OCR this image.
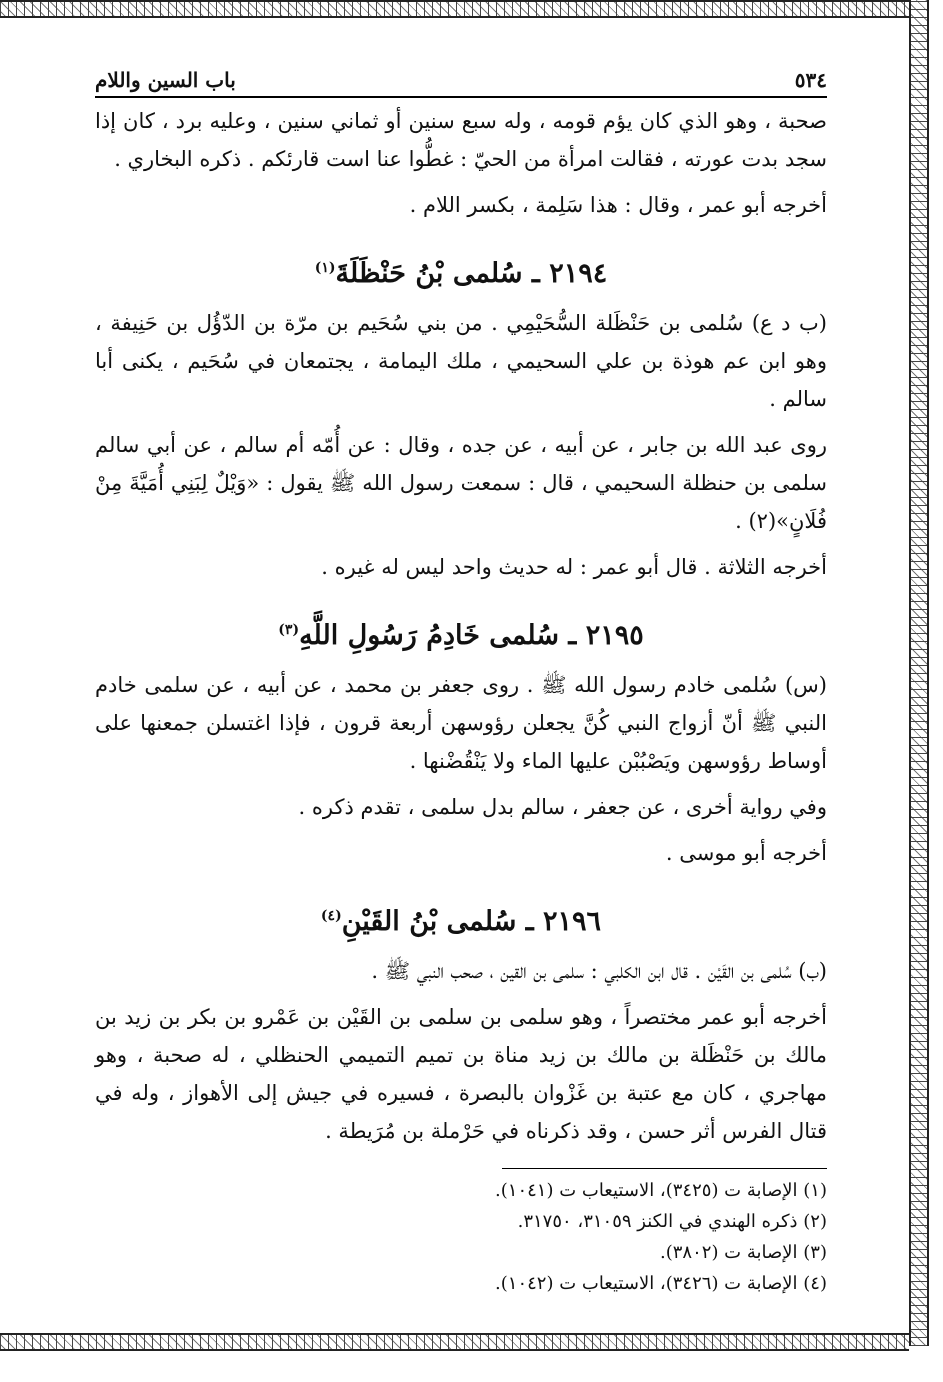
٥٣٤
باب السين واللام

صحبة ، وهو الذي كان يؤم قومه ، وله سبع سنين أو ثماني سنين ، وعليه برد ، كان إذا سجد بدت عورته ، فقالت امرأة من الحيّ : غطُّوا عنا است قارئكم . ذكره البخاري .

أخرجه أبو عمر ، وقال : هذا سَلِمة ، بكسر اللام .

٢١٩٤ ـ سُلمى بْنُ حَنْظَلَةَ$^{(١)}$

(ب د ع) سُلمى بن حَنْظَلة السُّحَيْمِي . من بني سُحَيم بن مرّة بن الدّؤُل بن حَنِيفة ، وهو ابن عم هوذة بن علي السحيمي ، ملك اليمامة ، يجتمعان في سُحَيم ، يكنى أبا سالم .

روى عبد الله بن جابر ، عن أبيه ، عن جده ، وقال : عن أُمّه أم سالم ، عن أبي سالم سلمى بن حنظلة السحيمي ، قال : سمعت رسول الله ﷺ يقول : «وَيْلٌ لِبَنِي أُمَيَّةَ مِنْ فُلَانٍ»(٢) .

أخرجه الثلاثة . قال أبو عمر : له حديث واحد ليس له غيره .

٢١٩٥ ـ سُلمى خَادِمُ رَسُولِ اللَّهِ$^{(٣)}$

(س) سُلمى خادم رسول الله ﷺ . روى جعفر بن محمد ، عن أبيه ، عن سلمى خادم النبي ﷺ أنّ أزواج النبي كُنَّ يجعلن رؤوسهن أربعة قرون ، فإذا اغتسلن جمعنها على أوساط رؤوسهن ويَصْبُبْن عليها الماء ولا يَنْقُضْنها .

وفي رواية أخرى ، عن جعفر ، سالم بدل سلمى ، تقدم ذكره .

أخرجه أبو موسى .

٢١٩٦ ـ سُلمى بْنُ القَيْنِ$^{(٤)}$

(ب) سُلمى بن القَيْن . قال ابن الكلبي : سلمى بن القين ، صحب النبي ﷺ .

أخرجه أبو عمر مختصراً ، وهو سلمى بن سلمى بن القَيْن بن عَمْرو بن بكر بن زيد بن مالك بن حَنْظَلة بن مالك بن زيد مناة بن تميم التميمي الحنظلي ، له صحبة ، وهو مهاجري ، كان مع عتبة بن غَزْوان بالبصرة ، فسيره في جيش إلى الأهواز ، وله في قتال الفرس أثر حسن ، وقد ذكرناه في حَرْملة بن مُرَيطة .

(١) الإصابة ت (٣٤٢٥)، الاستيعاب ت (١٠٤١).

(٢) ذكره الهندي في الكنز ٣١٠٥٩، ٣١٧٥٠.

(٣) الإصابة ت (٣٨٠٢).

(٤) الإصابة ت (٣٤٢٦)، الاستيعاب ت (١٠٤٢).
